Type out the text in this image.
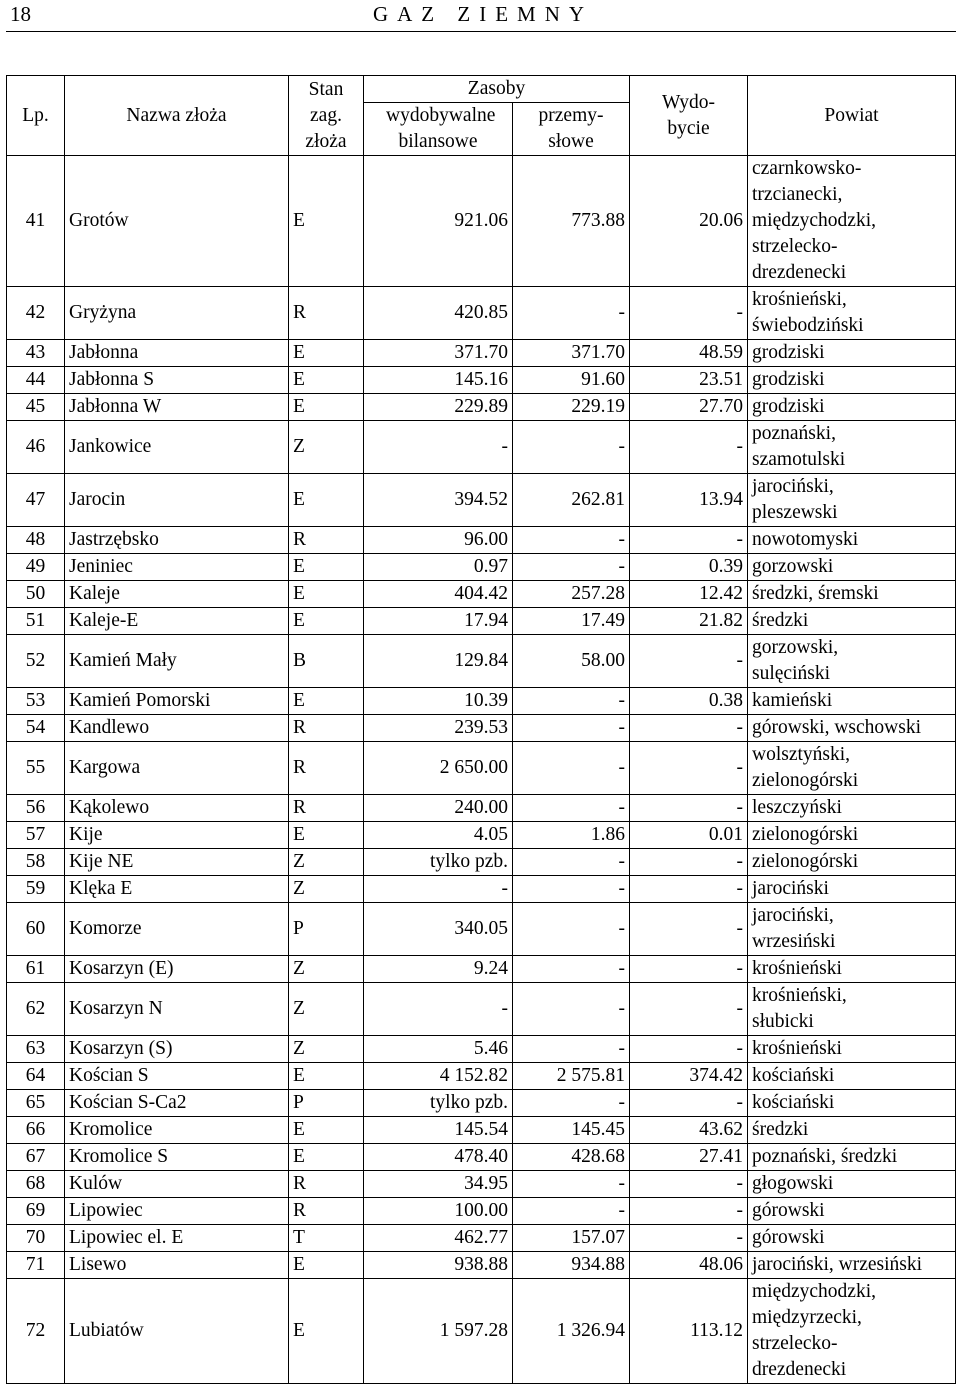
18	GAZ ZIEMNY
Lp.	Nazwa złoża	Stan zag. złoża	Zasoby		Wydo-bycie	Powiat
			wydobywalne bilansowe	przemy-słowe		
41	Grotów	E	921.06	773.88	20.06	czarnkowsko-
trzcianecki,
międzychodzki,
strzelecko-
drezdenecki
42	Gryżyna	R	420.85	-	-	krośnieński,
świebodziński
43	Jabłonna	E	371.70	371.70	48.59	grodziski
44	Jabłonna S	E	145.16	91.60	23.51	grodziski
45	Jabłonna W	E	229.89	229.19	27.70	grodziski
46	Jankowice	Z	-	-	-	poznański,
szamotulski
47	Jarocin	E	394.52	262.81	13.94	jarociński,
pleszewski
48	Jastrzębsko	R	96.00	-	-	nowotomyski
49	Jeniniec	E	0.97	-	0.39	gorzowski
50	Kaleje	E	404.42	257.28	12.42	średzki, śremski
51	Kaleje-E	E	17.94	17.49	21.82	średzki
52	Kamień Mały	B	129.84	58.00	-	gorzowski,
sulęciński
53	Kamień Pomorski	E	10.39	-	0.38	kamieński
54	Kandlewo	R	239.53	-	-	górowski, wschowski
55	Kargowa	R	2 650.00	-	-	wolsztyński,
zielonogórski
56	Kąkolewo	R	240.00	-	-	leszczyński
57	Kije	E	4.05	1.86	0.01	zielonogórski
58	Kije NE	Z	tylko pzb.	-	-	zielonogórski
59	Klęka E	Z	-	-	-	jarociński
60	Komorze	P	340.05	-	-	jarociński,
wrzesiński
61	Kosarzyn (E)	Z	9.24	-	-	krośnieński
62	Kosarzyn N	Z	-	-	-	krośnieński,
słubicki
63	Kosarzyn (S)	Z	5.46	-	-	krośnieński
64	Kościan S	E	4 152.82	2 575.81	374.42	kościański
65	Kościan S-Ca2	P	tylko pzb.	-	-	kościański
66	Kromolice	E	145.54	145.45	43.62	średzki
67	Kromolice S	E	478.40	428.68	27.41	poznański, średzki
68	Kulów	R	34.95	-	-	głogowski
69	Lipowiec	R	100.00	-	-	górowski
70	Lipowiec el. E	T	462.77	157.07	-	górowski
71	Lisewo	E	938.88	934.88	48.06	jarociński, wrzesiński
72	Lubiatów	E	1 597.28	1 326.94	113.12	międzychodzki,
międzyrzecki,
strzelecko-
drezdenecki
